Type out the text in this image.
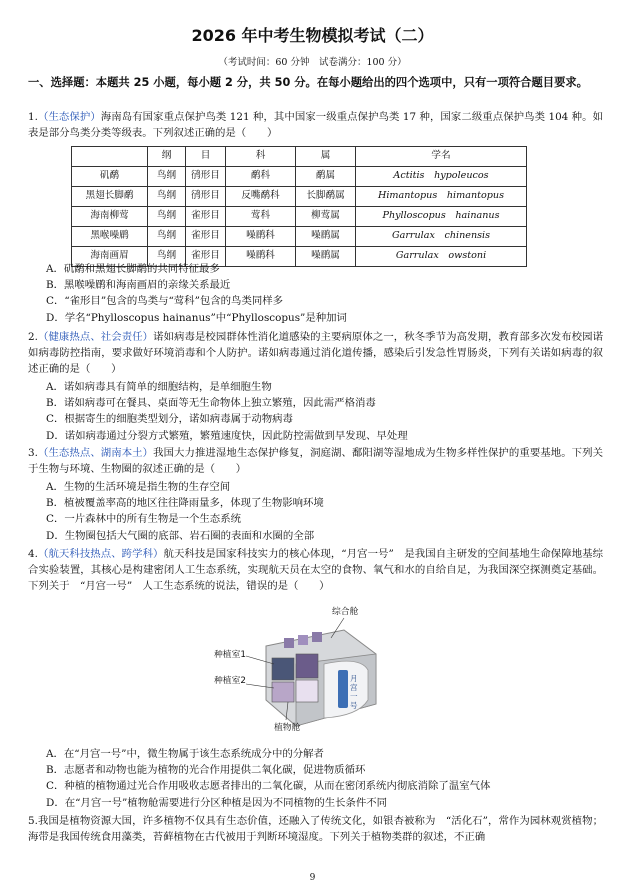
2026 年中考生物模拟考试（二）
（考试时间：60 分钟　试卷满分：100 分）
一、选择题：本题共 25 小题，每小题 2 分，共 50 分。在每小题给出的四个选项中，只有一项符合题目要求。
1.（生态保护）海南岛有国家重点保护鸟类 121 种，其中国家一级重点保护鸟类 17 种，国家二级重点保护鸟类 104 种。如表是部分鸟类分类等级表。下列叙述正确的是（　　）
	纲	目	科	属	学名
矶鹬	鸟纲	鸻形目	鹬科	鹬属	Actitis　hypoleucos
黑翅长脚鹬	鸟纲	鸻形目	反嘴鹬科	长脚鹬属	Himantopus　himantopus
海南柳莺	鸟纲	雀形目	莺科	柳莺属	Phylloscopus　hainanus
黑喉噪鹛	鸟纲	雀形目	噪鹛科	噪鹛属	Garrulax　chinensis
海南画眉	鸟纲	雀形目	噪鹛科	噪鹛属	Garrulax　owstoni
A．矶鹬和黑翅长脚鹬的共同特征最多
B．黑喉噪鹛和海南画眉的亲缘关系最近
C．“雀形目”包含的鸟类与“莺科”包含的鸟类同样多
D．学名“Phylloscopus hainanus”中“Phylloscopus”是种加词
2.（健康热点、社会责任）诺如病毒是校园群体性消化道感染的主要病原体之一，秋冬季节为高发期，教育部多次发布校园诺如病毒防控指南，要求做好环境消毒和个人防护。诺如病毒通过消化道传播，感染后引发急性胃肠炎，下列有关诺如病毒的叙述正确的是（　　）
A．诺如病毒具有简单的细胞结构，是单细胞生物
B．诺如病毒可在餐具、桌面等无生命物体上独立繁殖，因此需严格消毒
C．根据寄生的细胞类型划分，诺如病毒属于动物病毒
D．诺如病毒通过分裂方式繁殖，繁殖速度快，因此防控需做到早发现、早处理
3.（生态热点、湖南本土）我国大力推进湿地生态保护修复，洞庭湖、鄱阳湖等湿地成为生物多样性保护的重要基地。下列关于生物与环境、生物圈的叙述正确的是（　　）
A．生物的生活环境是指生物的生存空间
B．植被覆盖率高的地区往往降雨量多，体现了生物影响环境
C．一片森林中的所有生物是一个生态系统
D．生物圈包括大气圈的底部、岩石圈的表面和水圈的全部
4.（航天科技热点、跨学科）航天科技是国家科技实力的核心体现，“月宫一号”　是我国自主研发的空间基地生命保障地基综合实验装置，其核心是构建密闭人工生态系统，实现航天员在太空的食物、氧气和水的自给自足，为我国深空探测奠定基础。下列关于　“月宫一号”　人工生态系统的说法，错误的是（　　）
综合舱
种植室1
种植室2
植物舱
月宫一号
A．在“月宫一号”中，微生物属于该生态系统成分中的分解者
B．志愿者和动物也能为植物的光合作用提供二氧化碳，促进物质循环
C．种植的植物通过光合作用吸收志愿者排出的二氧化碳，从而在密闭系统内彻底消除了温室气体
D．在“月宫一号”植物舱需要进行分区种植是因为不同植物的生长条件不同
5.我国是植物资源大国，许多植物不仅具有生态价值，还融入了传统文化，如银杏被称为　“活化石”，常作为园林观赏植物；海带是我国传统食用藻类，苔藓植物在古代被用于判断环境湿度。下列关于植物类群的叙述，不正确
9
